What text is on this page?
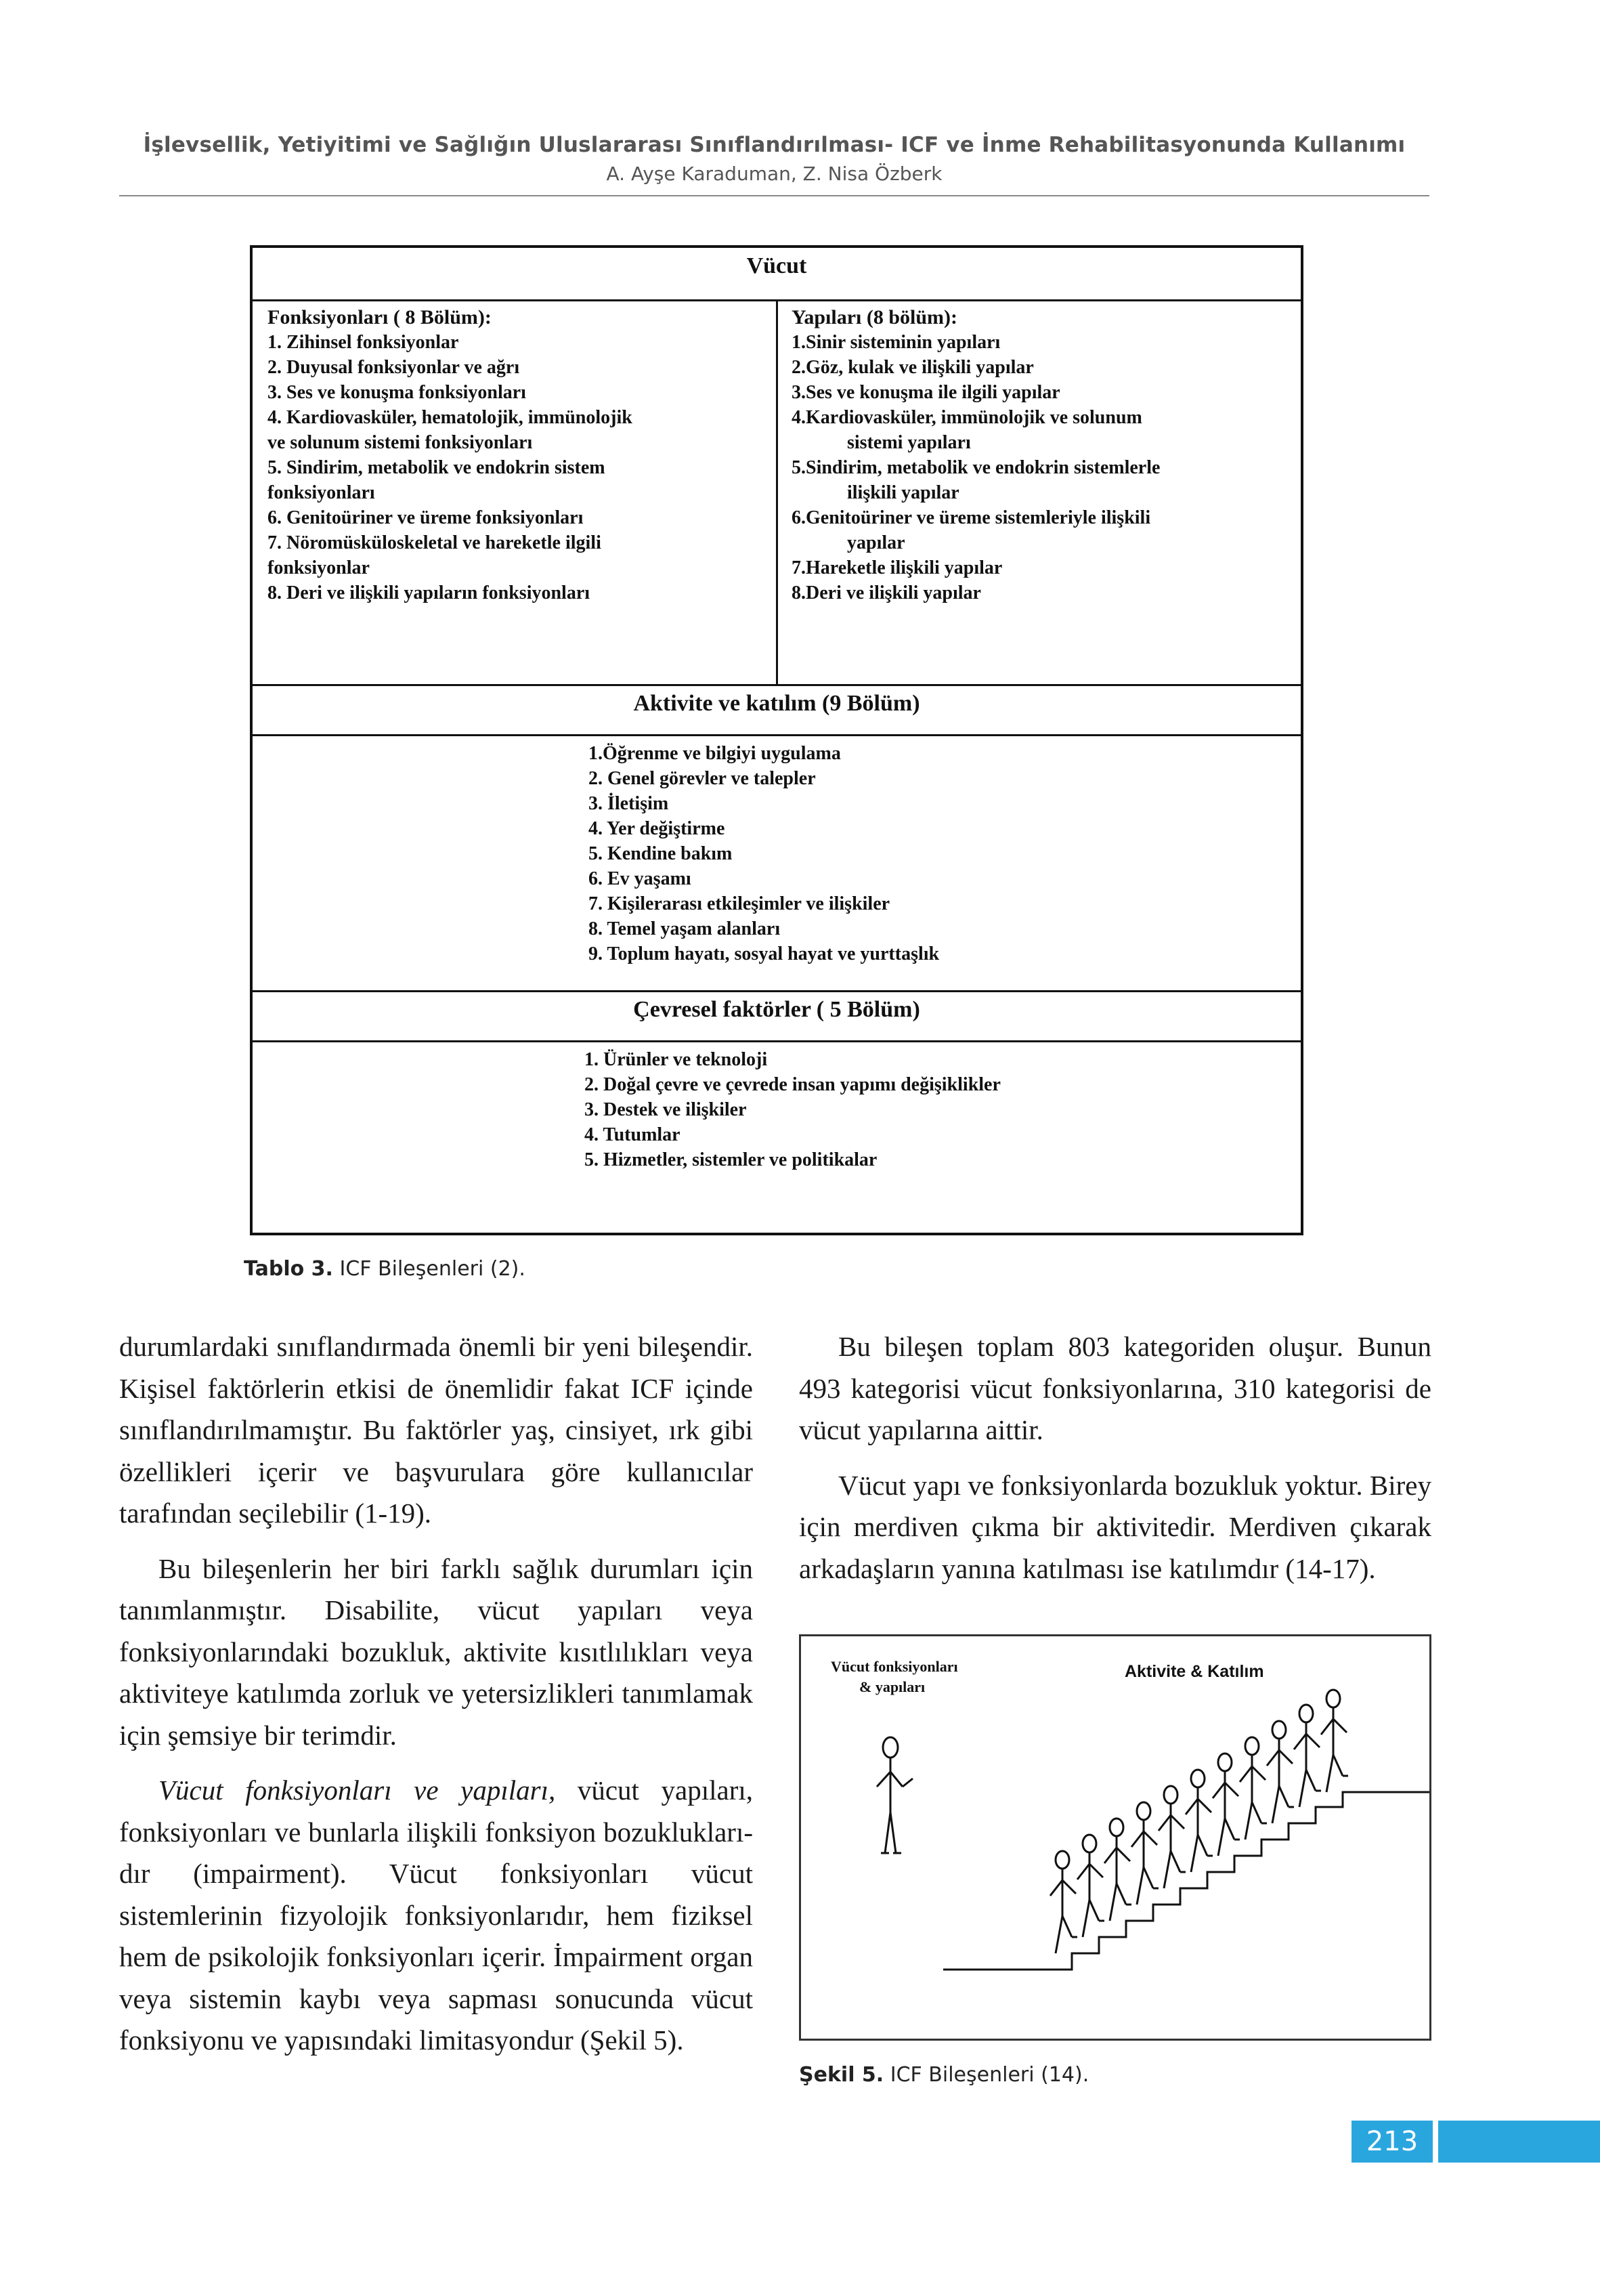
İşlevsellik, Yetiyitimi ve Sağlığın Uluslararası Sınıflandırılması- ICF ve İnme Rehabilitasyonunda Kullanımı
A. Ayşe Karaduman, Z. Nisa Özberk
Vücut
Fonksiyonları ( 8 Bölüm):
1. Zihinsel fonksiyonlar
2. Duyusal fonksiyonlar ve ağrı
3. Ses ve konuşma fonksiyonları
4. Kardiovasküler, hematolojik, immünolojik
ve solunum sistemi fonksiyonları
5. Sindirim, metabolik ve endokrin sistem
fonksiyonları
6. Genitoüriner ve üreme fonksiyonları
7. Nöromüsküloskeletal ve hareketle ilgili
fonksiyonlar
8. Deri ve ilişkili yapıların fonksiyonları
Yapıları (8 bölüm):
1.Sinir sisteminin yapıları
2.Göz, kulak ve ilişkili yapılar
3.Ses ve konuşma ile ilgili yapılar
4.Kardiovasküler, immünolojik ve solunum
sistemi yapıları
5.Sindirim, metabolik ve endokrin sistemlerle
ilişkili yapılar
6.Genitoüriner ve üreme sistemleriyle ilişkili
yapılar
7.Hareketle ilişkili yapılar
8.Deri ve ilişkili yapılar
Aktivite ve katılım (9 Bölüm)
1.Öğrenme ve bilgiyi uygulama
2. Genel görevler ve talepler
3. İletişim
4. Yer değiştirme
5. Kendine bakım
6. Ev yaşamı
7. Kişilerarası etkileşimler ve ilişkiler
8. Temel yaşam alanları
9. Toplum hayatı, sosyal hayat ve yurttaşlık
Çevresel faktörler ( 5 Bölüm)
1. Ürünler ve teknoloji
2. Doğal çevre ve çevrede insan yapımı değişiklikler
3. Destek ve ilişkiler
4. Tutumlar
5. Hizmetler, sistemler ve politikalar
Tablo 3. ICF Bileşenleri (2).

durumlardaki sınıflandırmada önemli bir yeni bileşendir. Kişisel faktörlerin etkisi de önemlidir fakat ICF içinde sınıflandırılmamıştır. Bu faktörler yaş, cinsiyet, ırk gibi özellikleri içerir ve başvurulara göre kullanıcılar tarafından seçilebilir (1-19).

Bu bileşenlerin her biri farklı sağlık durumları için tanımlanmıştır. Disabilite, vücut yapıları veya fonksiyonlarındaki bozukluk, aktivite kısıtlılıkları veya aktiviteye katılımda zorluk ve yetersizlikleri tanımlamak için şemsiye bir terimdir.

Vücut fonksiyonları ve yapıları, vücut yapıları, fonksiyonları ve bunlarla ilişkili fonksiyon bozukluklarıdır (impairment). Vücut fonksiyonları vücut sistemlerinin fizyolojik fonksiyonlarıdır, hem fiziksel hem de psikolojik fonksiyonları içerir. İmpairment organ veya sistemin kaybı veya sapması sonucunda vücut fonksiyonu ve yapısındaki limitasyondur (Şekil 5).

Bu bileşen toplam 803 kategoriden oluşur. Bunun 493 kategorisi vücut fonksiyonlarına, 310 kategorisi de vücut yapılarına aittir.

Vücut yapı ve fonksiyonlarda bozukluk yoktur. Birey için merdiven çıkma bir aktivitedir. Merdiven çıkarak arkadaşların yanına katılması ise katılımdır (14-17).

Vücut fonksiyonları
& yapıları
Aktivite & Katılım
Şekil 5. ICF Bileşenleri (14).
213
